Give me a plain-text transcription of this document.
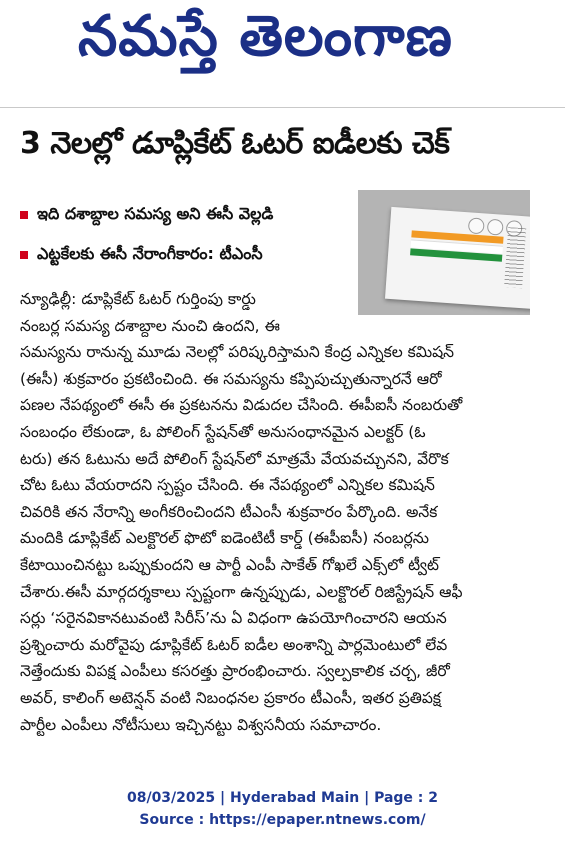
నమస్తే తెలంగాణ
3 నెలల్లో డూప్లికేట్ ఓటర్ ఐడీలకు చెక్
ఇది దశాబ్దాల సమస్య అని ఈసీ వెల్లడి
ఎట్టకేలకు ఈసీ నేరాంగీకారం: టీఎంసీ
న్యూఢిల్లీ: డూప్లికేట్ ఓటర్ గుర్తింపు కార్డు
నంబర్ల సమస్య దశాబ్దాల నుంచి ఉందని, ఈ
సమస్యను రానున్న మూడు నెలల్లో పరిష్కరిస్తామని కేంద్ర ఎన్నికల కమిషన్
(ఈసీ) శుక్రవారం ప్రకటించింది. ఈ సమస్యను కప్పిపుచ్చుతున్నారనే ఆరో
పణల నేపథ్యంలో ఈసీ ఈ ప్రకటనను విడుదల చేసింది. ఈపీఐసీ నంబరుతో
సంబంధం లేకుండా, ఓ పోలింగ్ స్టేషన్‌తో అనుసంధానమైన ఎలక్టర్ (ఓ
టరు) తన ఓటును అదే పోలింగ్ స్టేషన్‌లో మాత్రమే వేయవచ్చునని, వేరొక
చోట ఓటు వేయరాదని స్పష్టం చేసింది. ఈ నేపథ్యంలో ఎన్నికల కమిషన్
చివరికి తన నేరాన్ని అంగీకరించిందని టీఎంసీ శుక్రవారం పేర్కొంది. అనేక
మందికి డూప్లికేట్ ఎలక్టొరల్ ఫొటో ఐడెంటిటీ కార్డ్ (ఈపీఐసీ) నంబర్లను
కేటాయించినట్టు ఒప్పుకుందని ఆ పార్టీ ఎంపీ సాకేత్ గోఖలే ఎక్స్‌లో ట్వీట్
చేశారు.ఈసీ మార్గదర్శకాలు స్పష్టంగా ఉన్నప్పుడు, ఎలక్టొరల్ రిజిస్ట్రేషన్ ఆఫీ
సర్లు ‘సరైనవికానటువంటి సిరీస్’ను ఏ విధంగా ఉపయోగించారని ఆయన
ప్రశ్నించారు మరోవైపు డూప్లికేట్ ఓటర్ ఐడీల అంశాన్ని పార్లమెంటులో లేవ
నెత్తేందుకు విపక్ష ఎంపీలు కసరత్తు ప్రారంభించారు. స్వల్పకాలిక చర్చ, జీరో
అవర్, కాలింగ్ అటెన్షన్ వంటి నిబంధనల ప్రకారం టీఎంసీ, ఇతర ప్రతిపక్ష
పార్టీల ఎంపీలు నోటీసులు ఇచ్చినట్టు విశ్వసనీయ సమాచారం.
08/03/2025 | Hyderabad Main | Page : 2
Source : https://epaper.ntnews.com/
